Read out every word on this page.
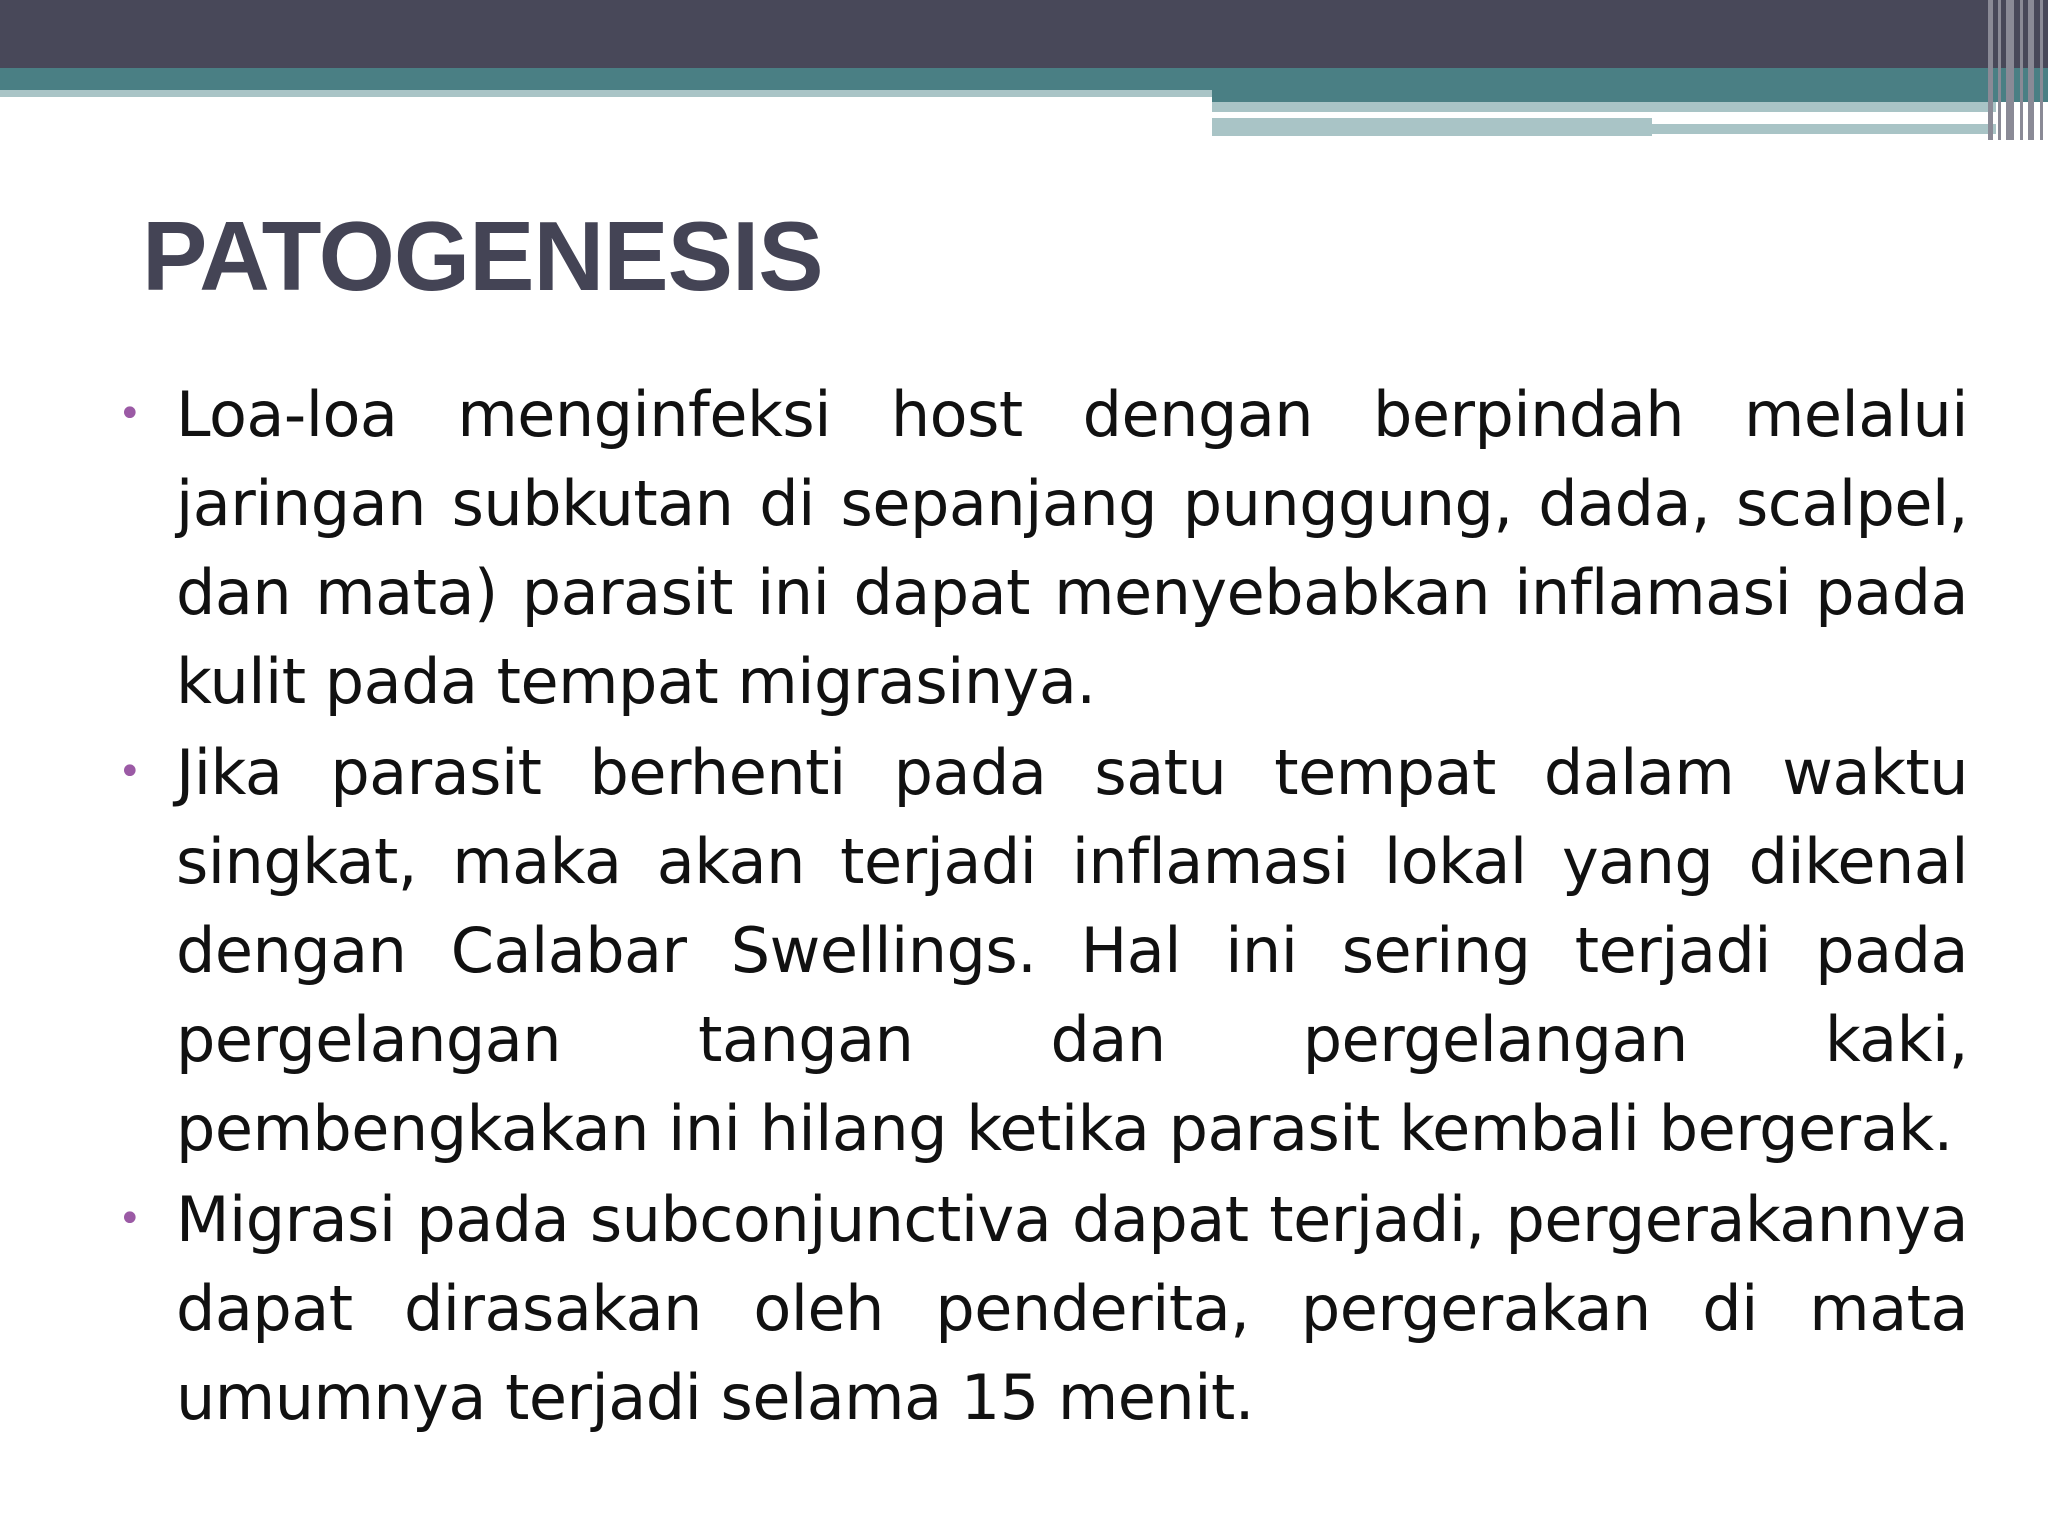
PATOGENESIS
• Loa-loa menginfeksi host dengan berpindah melalui jaringan subkutan di sepanjang punggung, dada, scalpel, dan mata) parasit ini dapat menyebabkan inflamasi pada kulit pada tempat migrasinya.
• Jika parasit berhenti pada satu tempat dalam waktu singkat, maka akan terjadi inflamasi lokal yang dikenal dengan Calabar Swellings. Hal ini sering terjadi pada pergelangan tangan dan pergelangan kaki, pembengkakan ini hilang ketika parasit kembali bergerak.
• Migrasi pada subconjunctiva dapat terjadi, pergerakannya dapat dirasakan oleh penderita, pergerakan di mata umumnya terjadi selama 15 menit.
